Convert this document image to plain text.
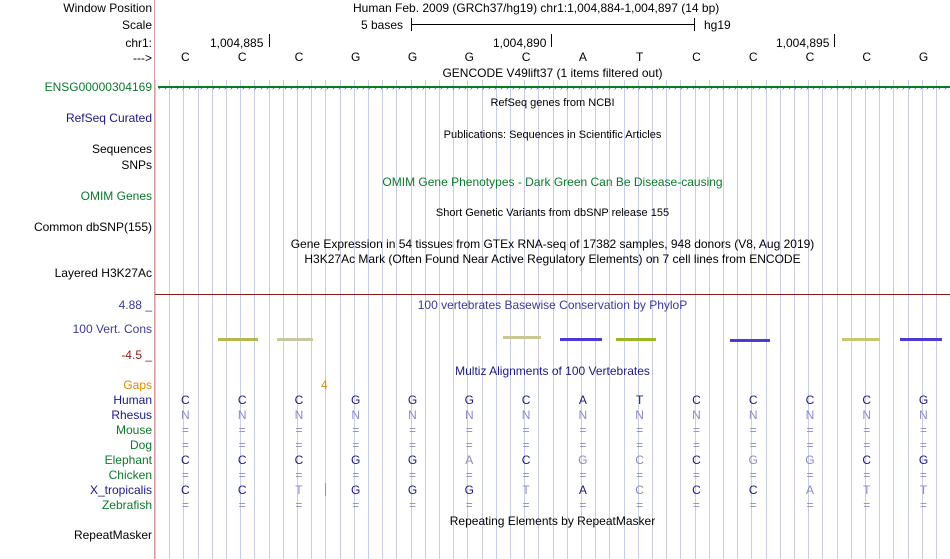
Window Position	Human Feb. 2009 (GRCh37/hg19) chr1:1,004,884-1,004,897 (14 bp)
Scale	5 bases	hg19
chr1:	1,004,885	1,004,890	1,004,895
--->
GENCODE V49lift37 (1 items filtered out)
ENSG00000304169
RefSeq genes from NCBI
RefSeq Curated
Publications: Sequences in Scientific Articles
Sequences
SNPs
OMIM Gene Phenotypes - Dark Green Can Be Disease-causing
OMIM Genes
Short Genetic Variants from dbSNP release 155
Common dbSNP(155)
Gene Expression in 54 tissues from GTEx RNA-seq of 17382 samples, 948 donors (V8, Aug 2019)
H3K27Ac Mark (Often Found Near Active Regulatory Elements) on 7 cell lines from ENCODE
Layered H3K27Ac
100 vertebrates Basewise Conservation by PhyloP
4.88 _
100 Vert. Cons
-4.5 _
Multiz Alignments of 100 Vertebrates
Gaps	4
Repeating Elements by RepeatMasker
RepeatMasker
C	C	C	G	G	G	C	A	T	C	C	C	C	G
› › › › › › › › › › › › › › › › › › › › › › › › › › › › › › › › › › › › › › › › › › › › › › › › › › › › › › › › › › › › › › › › › › › › › › › › › › › › › › › › › › › › › › › › › › › › › › › › › › › › › › › › › › › › › › › › › › › › › › › › › › › › › › › › › › › ›
Human	C	C	C	G	G	G	C	A	T	C	C	C	C	G
Rhesus	N	N	N	N	N	N	N	N	N	N	N	N	N	N
Mouse	=	=	=	=	=	=	=	=	=	=	=	=	=	=
Dog	=	=	=	=	=	=	=	=	=	=	=	=	=	=
Elephant	C	C	C	G	G	A	C	G	C	C	G	G	C	G
Chicken	=	=	=	=	=	=	=	=	=	=	=	=	=	=
X_tropicalis	C	C	T	G	G	G	T	A	C	C	C	A	T	T
Zebrafish	=	=	=	=	=	=	=	=	=	=	=	=	=	=
